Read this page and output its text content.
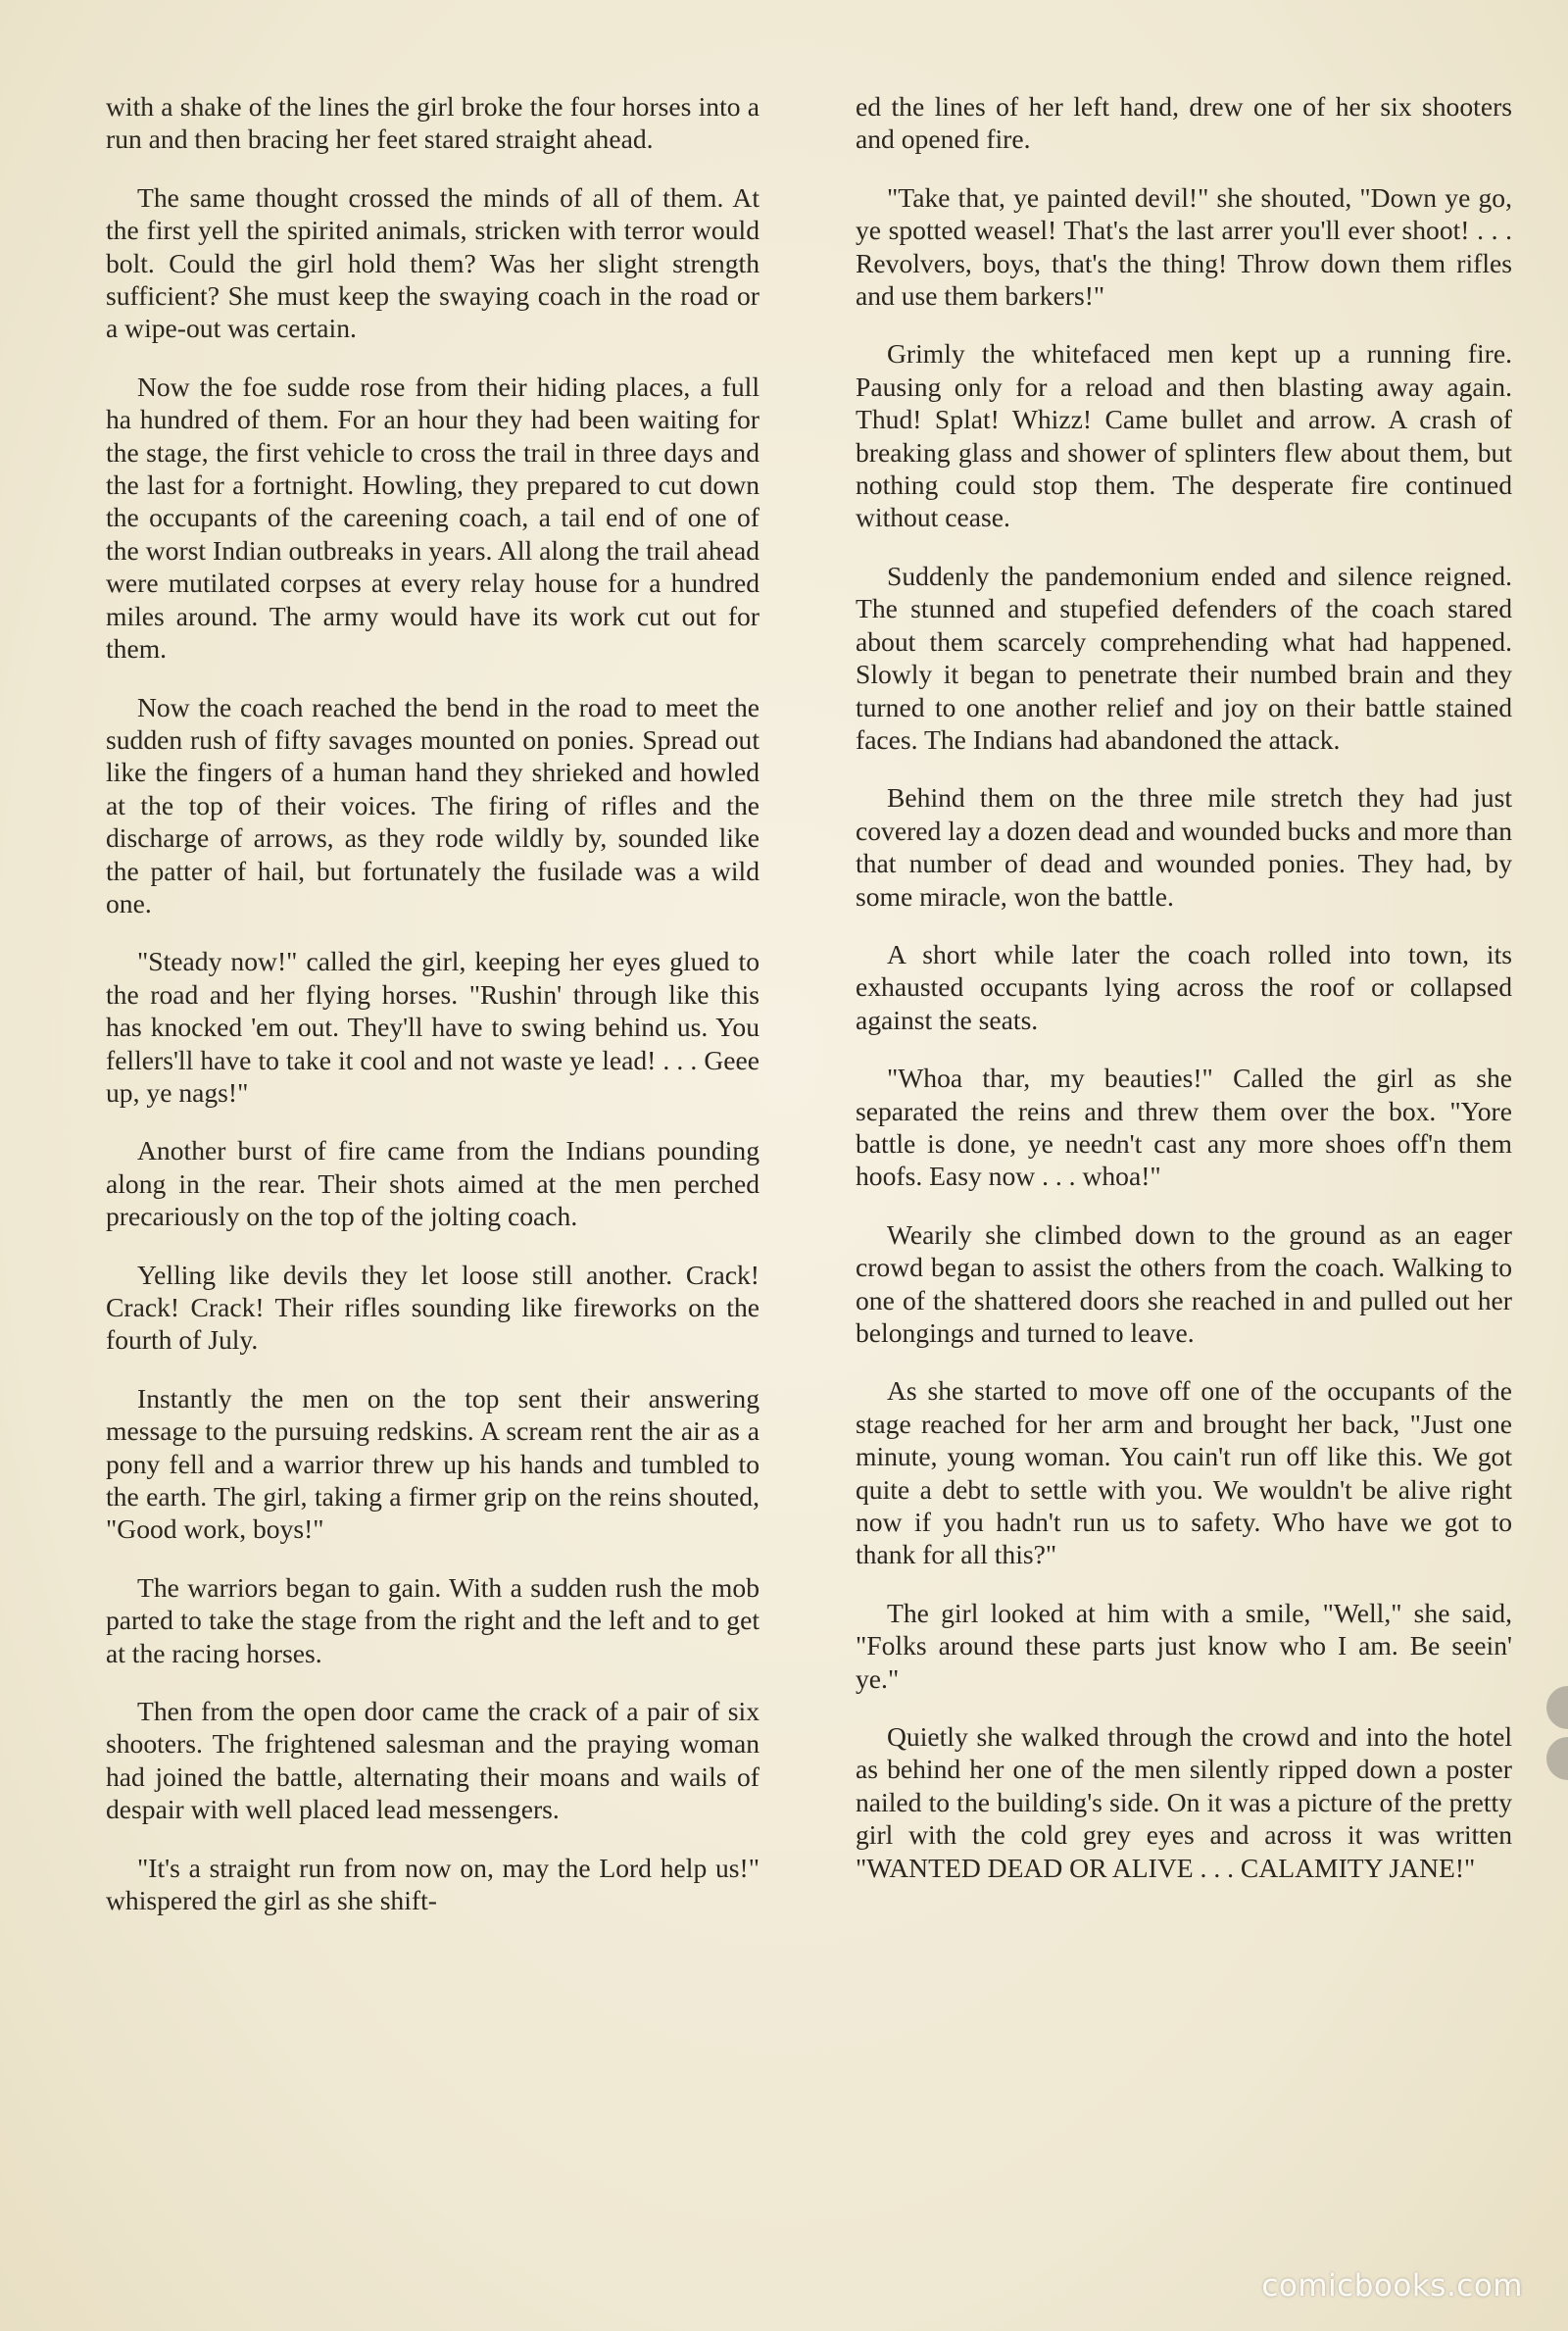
with a shake of the lines the girl broke the four horses into a run and then bracing her feet stared straight ahead.

The same thought crossed the minds of all of them. At the first yell the spirited animals, stricken with terror would bolt. Could the girl hold them? Was her slight strength sufficient? She must keep the swaying coach in the road or a wipe-out was certain.

Now the foe sudde rose from their hiding places, a full ha hundred of them. For an hour they had been waiting for the stage, the first vehicle to cross the trail in three days and the last for a fortnight. Howling, they prepared to cut down the occupants of the careening coach, a tail end of one of the worst Indian outbreaks in years. All along the trail ahead were mutilated corpses at every relay house for a hundred miles around. The army would have its work cut out for them.

Now the coach reached the bend in the road to meet the sudden rush of fifty savages mounted on ponies. Spread out like the fingers of a human hand they shrieked and howled at the top of their voices. The firing of rifles and the discharge of arrows, as they rode wildly by, sounded like the patter of hail, but fortunately the fusilade was a wild one.

"Steady now!" called the girl, keeping her eyes glued to the road and her flying horses. "Rushin' through like this has knocked 'em out. They'll have to swing behind us. You fellers'll have to take it cool and not waste ye lead! . . . Geee up, ye nags!"

Another burst of fire came from the Indians pounding along in the rear. Their shots aimed at the men perched precariously on the top of the jolting coach.

Yelling like devils they let loose still another. Crack! Crack! Crack! Their rifles sounding like fireworks on the fourth of July.

Instantly the men on the top sent their answering message to the pursuing redskins. A scream rent the air as a pony fell and a warrior threw up his hands and tumbled to the earth. The girl, taking a firmer grip on the reins shouted, "Good work, boys!"

The warriors began to gain. With a sudden rush the mob parted to take the stage from the right and the left and to get at the racing horses.

Then from the open door came the crack of a pair of six shooters. The frightened salesman and the praying woman had joined the battle, alternating their moans and wails of despair with well placed lead messengers.

"It's a straight run from now on, may the Lord help us!" whispered the girl as she shift-

ed the lines of her left hand, drew one of her six shooters and opened fire.

"Take that, ye painted devil!" she shouted, "Down ye go, ye spotted weasel! That's the last arrer you'll ever shoot! . . . Revolvers, boys, that's the thing! Throw down them rifles and use them barkers!"

Grimly the whitefaced men kept up a running fire. Pausing only for a reload and then blasting away again. Thud! Splat! Whizz! Came bullet and arrow. A crash of breaking glass and shower of splinters flew about them, but nothing could stop them. The desperate fire continued without cease.

Suddenly the pandemonium ended and silence reigned. The stunned and stupefied defenders of the coach stared about them scarcely comprehending what had happened. Slowly it began to penetrate their numbed brain and they turned to one another relief and joy on their battle stained faces. The Indians had abandoned the attack.

Behind them on the three mile stretch they had just covered lay a dozen dead and wounded bucks and more than that number of dead and wounded ponies. They had, by some miracle, won the battle.

A short while later the coach rolled into town, its exhausted occupants lying across the roof or collapsed against the seats.

"Whoa thar, my beauties!" Called the girl as she separated the reins and threw them over the box. "Yore battle is done, ye needn't cast any more shoes off'n them hoofs. Easy now . . . whoa!"

Wearily she climbed down to the ground as an eager crowd began to assist the others from the coach. Walking to one of the shattered doors she reached in and pulled out her belongings and turned to leave.

As she started to move off one of the occupants of the stage reached for her arm and brought her back, "Just one minute, young woman. You cain't run off like this. We got quite a debt to settle with you. We wouldn't be alive right now if you hadn't run us to safety. Who have we got to thank for all this?"

The girl looked at him with a smile, "Well," she said, "Folks around these parts just know who I am. Be seein' ye."

Quietly she walked through the crowd and into the hotel as behind her one of the men silently ripped down a poster nailed to the building's side. On it was a picture of the pretty girl with the cold grey eyes and across it was written "WANTED DEAD OR ALIVE . . . CALAMITY JANE!"

comicbooks.com
